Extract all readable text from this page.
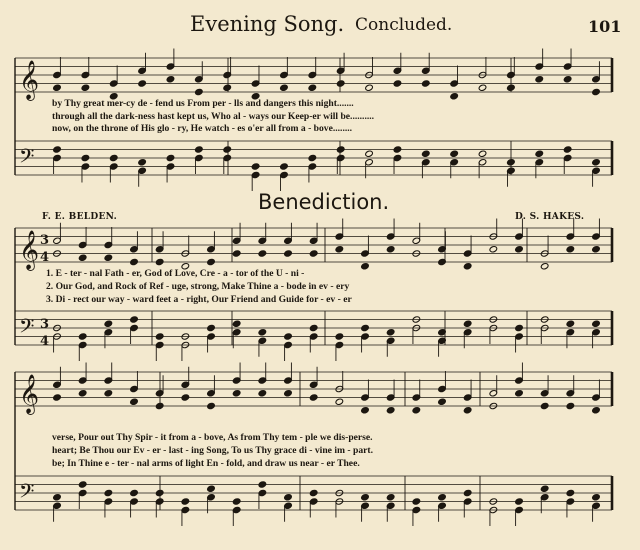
Evening Song. Concluded.	101
Benediction.
F. E. BELDEN.	D. S. HAKES.
𝄞
𝄢
𝄞
𝄢
3
4
3
4
𝄞
𝄢
by Thy great mer-cy de - fend us From per - lls and dangers this night.......
through all the dark-ness hast kept us, Who al - ways our Keep-er will be..........
now, on the throne of His glo - ry, He watch - es o'er all from a - bove........
1. E - ter - nal Fath - er, God of Love, Cre - a - tor of the U - ni -
2. Our God, and Rock of Ref - uge, strong, Make Thine a - bode in ev - ery
3. Di - rect our way - ward feet a - right, Our Friend and Guide for - ev - er
verse, Pour out Thy Spir - it from a - bove, As from Thy tem - ple we dis-perse.
heart; Be Thou our Ev - er - last - ing Song, To us Thy grace di - vine im - part.
be; In Thine e - ter - nal arms of light En - fold, and draw us near - er Thee.
